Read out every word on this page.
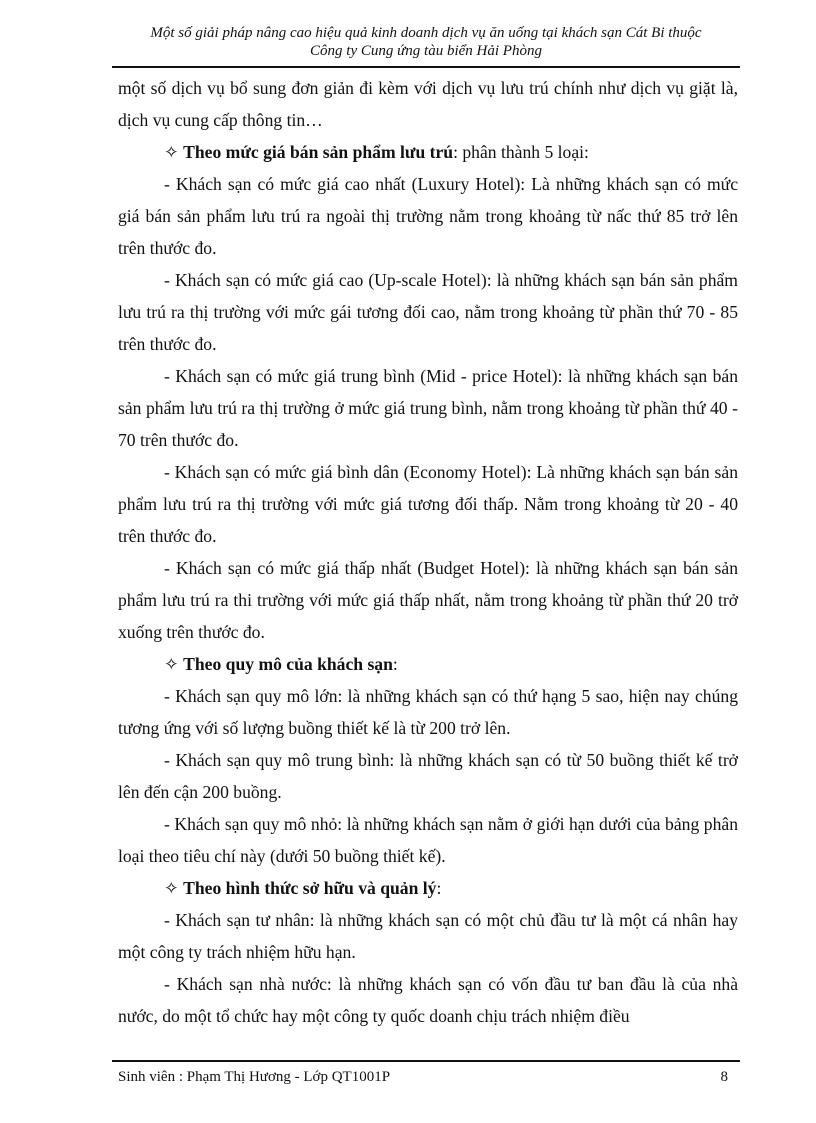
Một số giải pháp nâng cao hiệu quả kinh doanh dịch vụ ăn uống tại khách sạn Cát Bi thuộc
Công ty Cung ứng tàu biển Hải Phòng

một số dịch vụ bổ sung đơn giản đi kèm với dịch vụ lưu trú chính như dịch vụ giặt là, dịch vụ cung cấp thông tin…

✧ Theo mức giá bán sản phẩm lưu trú: phân thành 5 loại:

- Khách sạn có mức giá cao nhất (Luxury Hotel): Là những khách sạn có mức giá bán sản phẩm lưu trú ra ngoài thị trường nằm trong khoảng từ nấc thứ 85 trở lên trên thước đo.

- Khách sạn có mức giá cao (Up-scale Hotel): là những khách sạn bán sản phẩm lưu trú ra thị trường với mức gái tương đối cao, nằm trong khoảng từ phần thứ 70 - 85 trên thước đo.

- Khách sạn có mức giá trung bình (Mid - price Hotel): là những khách sạn bán sản phẩm lưu trú ra thị trường ở mức giá trung bình, nằm trong khoảng từ phần thứ 40 - 70 trên thước đo.

- Khách sạn có mức giá bình dân (Economy Hotel): Là những khách sạn bán sản phẩm lưu trú ra thị trường với mức giá tương đối thấp. Nằm trong khoảng từ 20 - 40 trên thước đo.

- Khách sạn có mức giá thấp nhất (Budget Hotel): là những khách sạn bán sản phẩm lưu trú ra thi trường với mức giá thấp nhất, nằm trong khoảng từ phần thứ 20 trở xuống trên thước đo.

✧ Theo quy mô của khách sạn:

- Khách sạn quy mô lớn: là những khách sạn có thứ hạng 5 sao, hiện nay chúng tương ứng với số lượng buồng thiết kế là từ 200 trở lên.

- Khách sạn quy mô trung bình: là những khách sạn có từ 50 buồng thiết kế trở lên đến cận 200 buồng.

- Khách sạn quy mô nhỏ: là những khách sạn nằm ở giới hạn dưới của bảng phân loại theo tiêu chí này (dưới 50 buồng thiết kế).

✧ Theo hình thức sở hữu và quản lý:

- Khách sạn tư nhân: là những khách sạn có một chủ đầu tư là một cá nhân hay một công ty trách nhiệm hữu hạn.

- Khách sạn nhà nước: là những khách sạn có vốn đầu tư ban đầu là của nhà nước, do một tổ chức hay một công ty quốc doanh chịu trách nhiệm điều

Sinh viên : Phạm Thị Hương - Lớp QT1001P	8
